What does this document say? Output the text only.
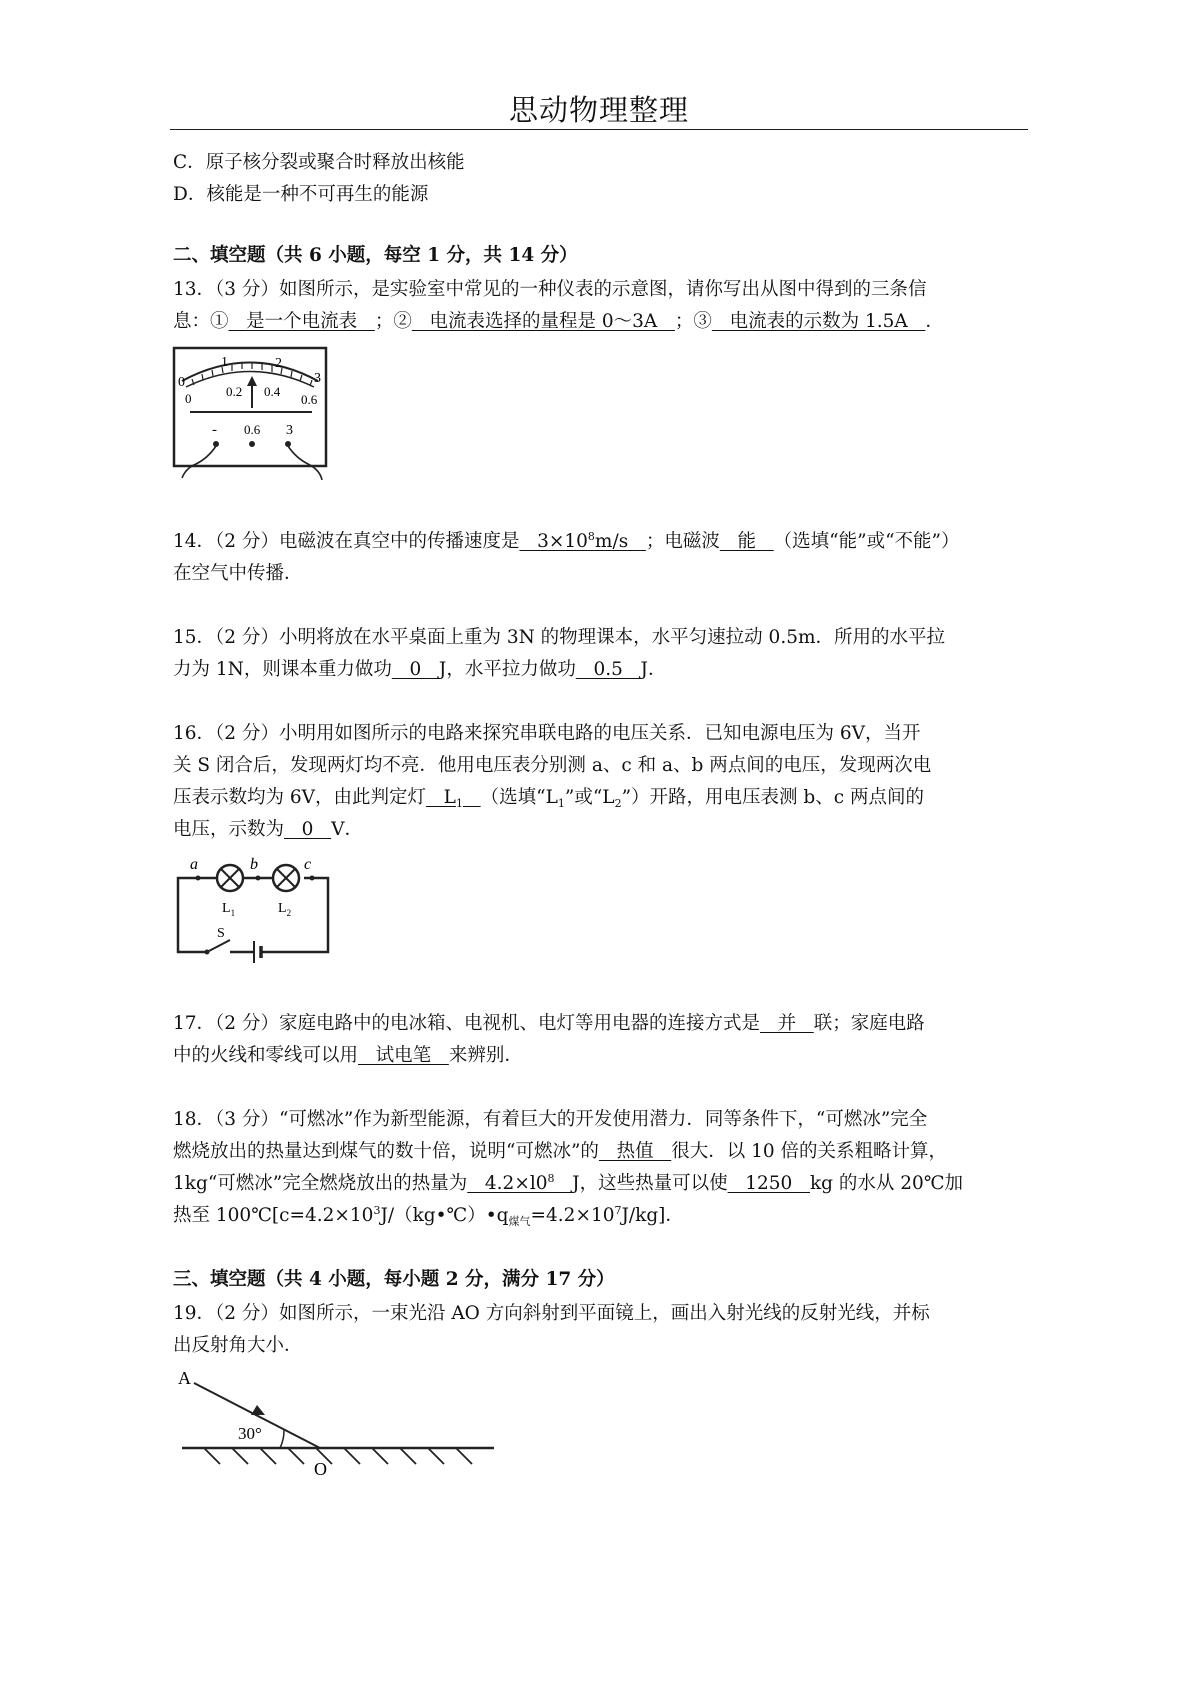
思动物理整理
C．原子核分裂或聚合时释放出核能
D．核能是一种不可再生的能源
二、填空题（共 6 小题，每空 1 分，共 14 分）
13．（3 分）如图所示，是实验室中常见的一种仪表的示意图，请你写出从图中得到的三条信
息：①   是一个电流表   ；②   电流表选择的量程是 0～3A   ；③   电流表的示数为 1.5A   ．
0
1	2
3
0	0.2 0.4
0.6
- 0.6 3
14．（2 分）电磁波在真空中的传播速度是   $3\times 10^8m/s$   ；电磁波   能   （选填“能”或“不能”）
在空气中传播．
15．（2 分）小明将放在水平桌面上重为 3N 的物理课本，水平匀速拉动 0.5m．所用的水平拉
力为 1N，则课本重力做功   0   J，水平拉力做功   0.5   J．
16．（2 分）小明用如图所示的电路来探究串联电路的电压关系．已知电源电压为 6V，当开
关 S 闭合后，发现两灯均不亮．他用电压表分别测 a、c 和 a、b 两点间的电压，发现两次电
压表示数均为 6V，由此判定灯   $L_1$ （选填“$L_1$”或“$L_2$”）开路，用电压表测 b、c 两点间的
电压，示数为   0   V．
a	b	c
$L_1$	$L_2$
S
17．（2 分）家庭电路中的电冰箱、电视机、电灯等用电器的连接方式是   并   联；家庭电路
中的火线和零线可以用   试电笔   来辨别．
18．（3 分）“可燃冰”作为新型能源，有着巨大的开发使用潜力．同等条件下，“可燃冰”完全
燃烧放出的热量达到煤气的数十倍，说明“可燃冰”的   热值   很大．以 10 倍的关系粗略计算，
1kg“可燃冰”完全燃烧放出的热量为   $4.2\times l0^8$ J，这些热量可以使   1250   kg 的水从 20℃加
热至 $100℃[c=4.2\times 10^3J/(kg•℃)•q_{煤气}=4.2\times 10^7J/kg]$．
三、填空题（共 4 小题，每小题 2 分，满分 17 分）
19．（2 分）如图所示，一束光沿 AO 方向斜射到平面镜上，画出入射光线的反射光线，并标
出反射角大小．
A
30°
O
